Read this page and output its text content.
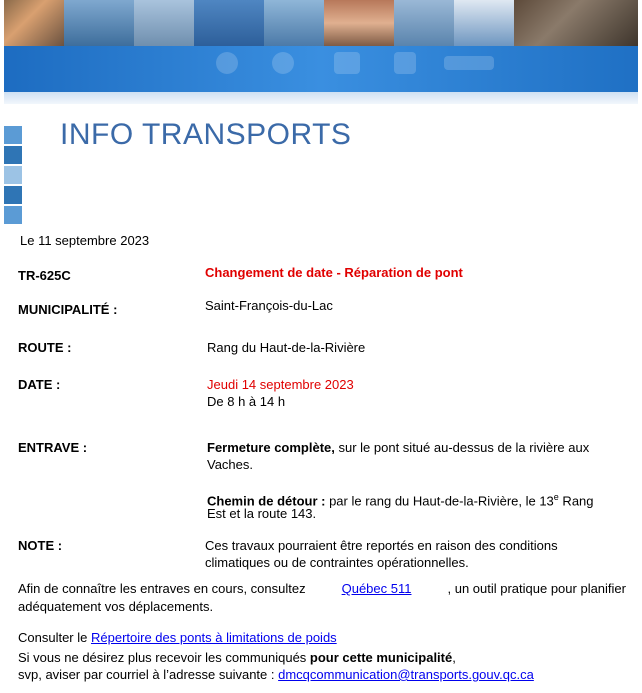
INFO TRANSPORTS
Le 11 septembre 2023
TR-625C	Changement de date - Réparation de pont
MUNICIPALITÉ :	Saint-François-du-Lac
ROUTE :	Rang du Haut-de-la-Rivière
DATE :	Jeudi 14 septembre 2023
De 8 h à 14 h
ENTRAVE :	Fermeture complète, sur le pont situé au-dessus de la rivière aux
Vaches.
Chemin de détour : par le rang du Haut-de-la-Rivière, le 13e Rang
Est et la route 143.
NOTE :	Ces travaux pourraient être reportés en raison des conditions
climatiques ou de contraintes opérationnelles.
Afin de connaître les entraves en cours, consultez	Québec 511	, un outil pratique pour planifier
adéquatement vos déplacements.
Consulter le Répertoire des ponts à limitations de poids
Si vous ne désirez plus recevoir les communiqués pour cette municipalité,
svp, aviser par courriel à l’adresse suivante : dmcqcommunication@transports.gouv.qc.ca
